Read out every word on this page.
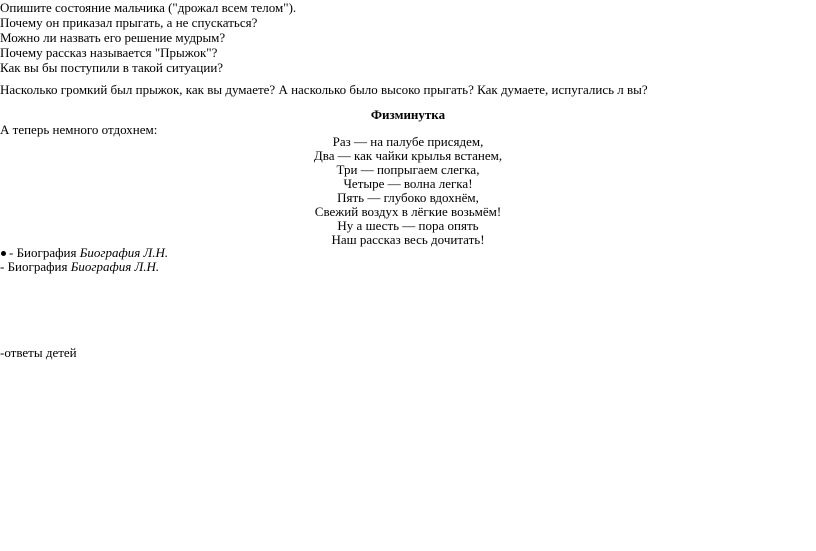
Опишите состояние мальчика ("дрожал всем телом").
Почему он приказал прыгать, а не спускаться?
Можно ли назвать его решение мудрым?
Почему рассказ называется "Прыжок"?
Как вы бы поступили в такой ситуации?
Насколько громкий был прыжок, как вы думаете? А насколько было высоко прыгать? Как думаете, испугались л вы?
Физминутка
А теперь немного отдохнем:
Раз — на палубе присядем,
Два — как чайки крылья встанем,
Три — попрыгаем слегка,
Четыре — волна легка!
Пять — глубоко вдохнём,
Свежий воздух в лёгкие возьмём!
Ну а шесть — пора опять
Наш рассказ весь дочитать!
- Биография Биография Л.Н.
- Биография Биография Л.Н.
-ответы детей
